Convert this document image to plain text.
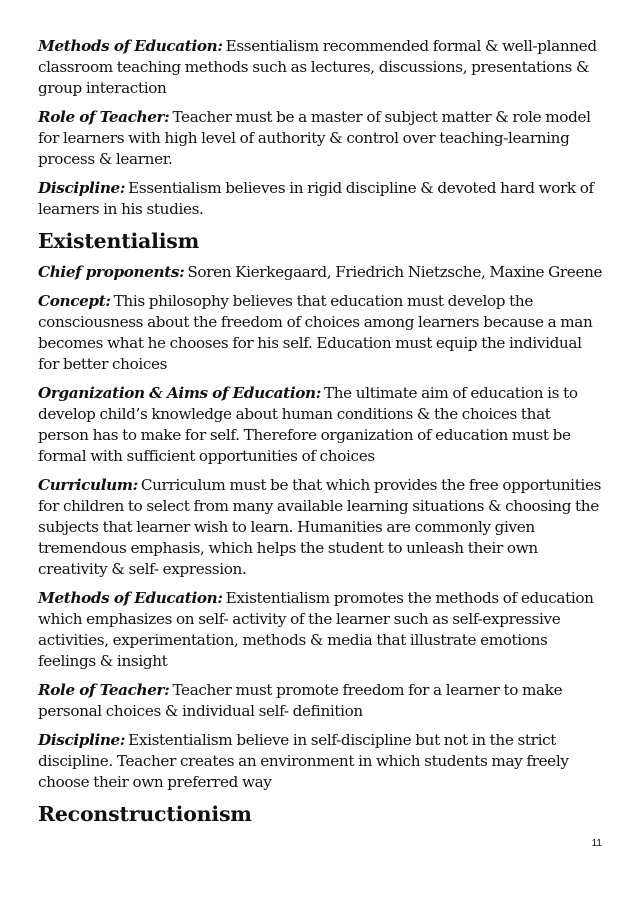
Methods of Education: Essentialism recommended formal & well-planned classroom teaching methods such as lectures, discussions, presentations & group interaction

Role of Teacher: Teacher must be a master of subject matter & role model for learners with high level of authority & control over teaching-learning process & learner.

Discipline: Essentialism believes in rigid discipline & devoted hard work of learners in his studies.

Existentialism

Chief proponents: Soren Kierkegaard, Friedrich Nietzsche, Maxine Greene

Concept: This philosophy believes that education must develop the consciousness about the freedom of choices among learners because a man becomes what he chooses for his self. Education must equip the individual for better choices

Organization & Aims of Education: The ultimate aim of education is to develop child’s knowledge about human conditions & the choices that person has to make for self. Therefore organization of education must be formal with sufficient opportunities of choices

Curriculum: Curriculum must be that which provides the free opportunities for children to select from many available learning situations & choosing the subjects that learner wish to learn. Humanities are commonly given tremendous emphasis, which helps the student to unleash their own creativity & self- expression.

Methods of Education: Existentialism promotes the methods of education which emphasizes on self- activity of the learner such as self-expressive activities, experimentation, methods & media that illustrate emotions feelings & insight

Role of Teacher: Teacher must promote freedom for a learner to make personal choices & individual self- definition

Discipline: Existentialism believe in self-discipline but not in the strict discipline. Teacher creates an environment in which students may freely choose their own preferred way

Reconstructionism
11
